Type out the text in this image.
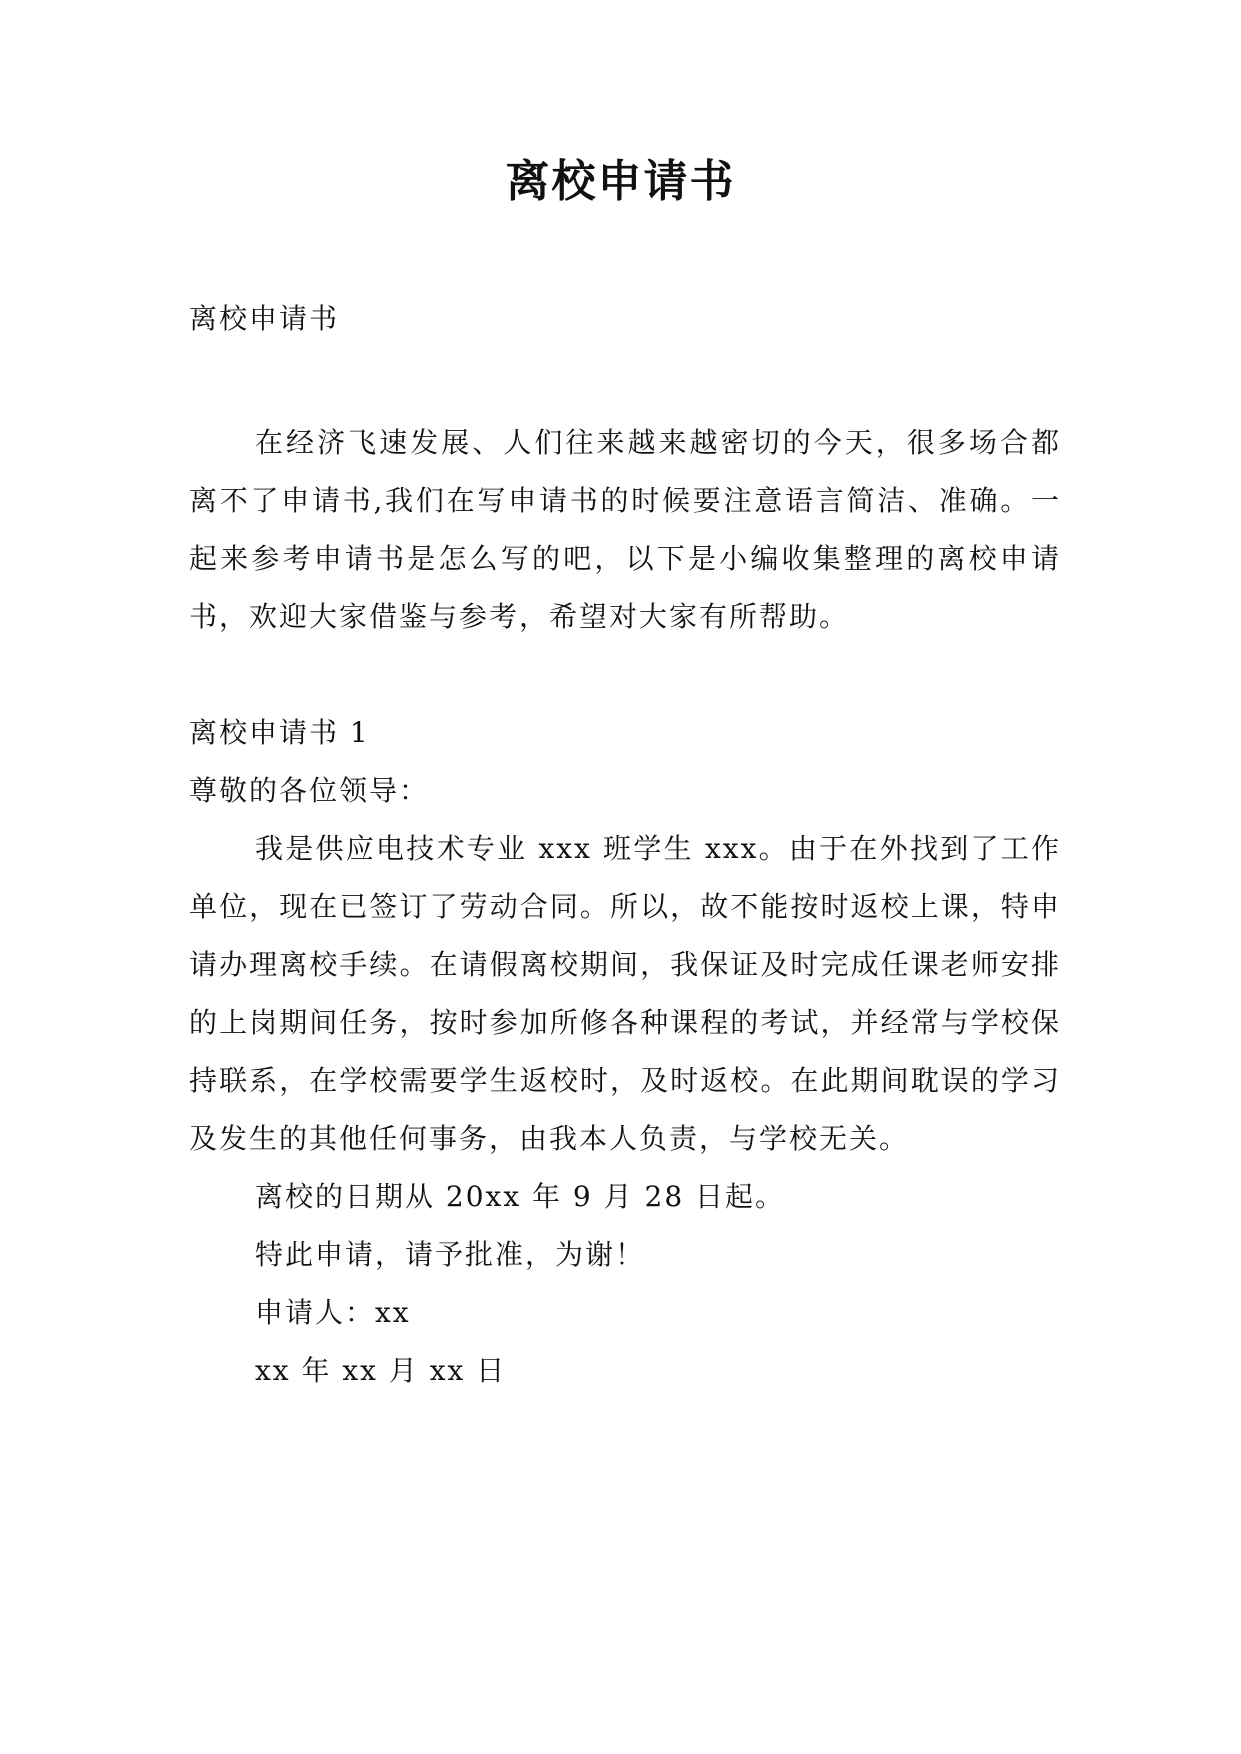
离校申请书

离校申请书

在经济飞速发展、人们往来越来越密切的今天，很多场合都离不了申请书,我们在写申请书的时候要注意语言简洁、准确。一起来参考申请书是怎么写的吧，以下是小编收集整理的离校申请书，欢迎大家借鉴与参考，希望对大家有所帮助。

离校申请书 1

尊敬的各位领导：

我是供应电技术专业 xxx 班学生 xxx。由于在外找到了工作单位，现在已签订了劳动合同。所以，故不能按时返校上课，特申请办理离校手续。在请假离校期间，我保证及时完成任课老师安排的上岗期间任务，按时参加所修各种课程的考试，并经常与学校保持联系，在学校需要学生返校时，及时返校。在此期间耽误的学习及发生的其他任何事务，由我本人负责，与学校无关。

离校的日期从 20xx 年 9 月 28 日起。

特此申请，请予批准，为谢！

申请人：xx

xx 年 xx 月 xx 日
